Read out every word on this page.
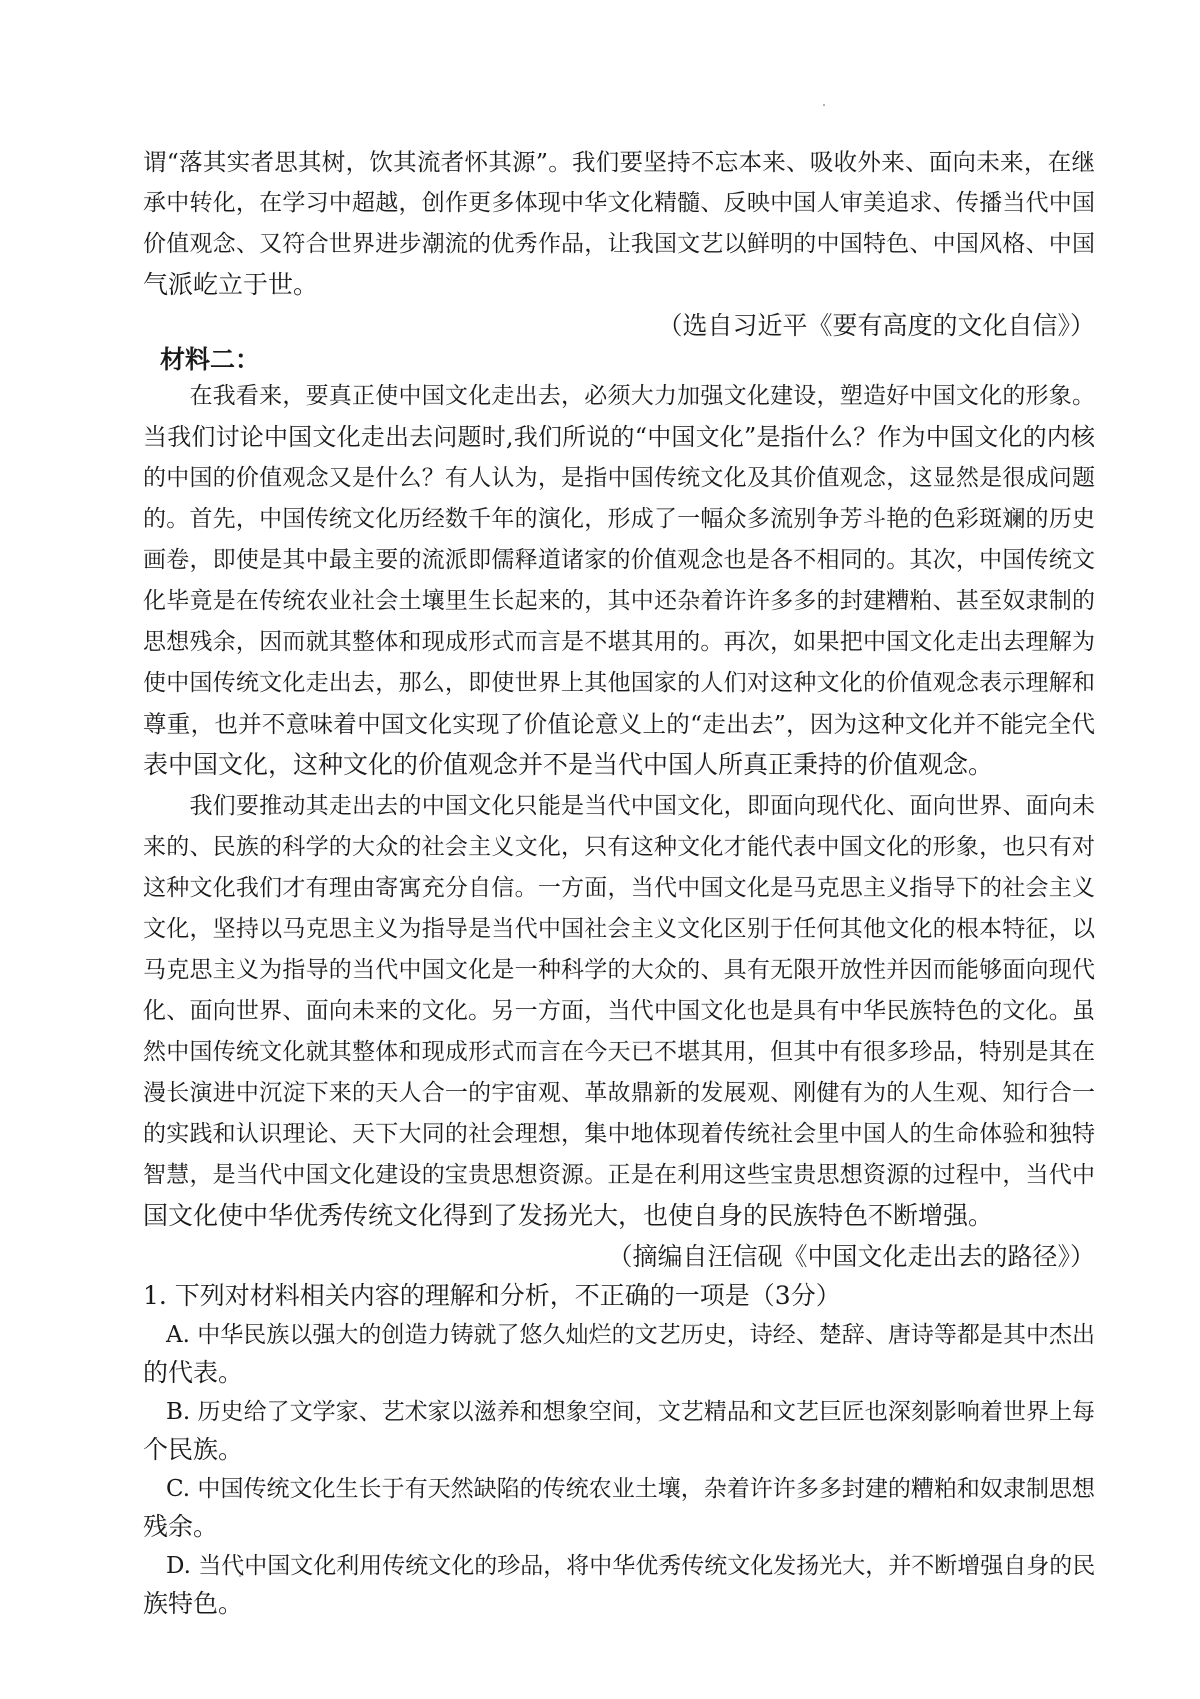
谓“落其实者思其树，饮其流者怀其源”。我们要坚持不忘本来、吸收外来、面向未来，在继
承中转化，在学习中超越，创作更多体现中华文化精髓、反映中国人审美追求、传播当代中国
价值观念、又符合世界进步潮流的优秀作品，让我国文艺以鲜明的中国特色、中国风格、中国
气派屹立于世。
（选自习近平《要有高度的文化自信》）
材料二：
　　在我看来，要真正使中国文化走出去，必须大力加强文化建设，塑造好中国文化的形象。
当我们讨论中国文化走出去问题时,我们所说的“中国文化”是指什么？作为中国文化的内核
的中国的价值观念又是什么？有人认为，是指中国传统文化及其价值观念，这显然是很成问题
的。首先，中国传统文化历经数千年的演化，形成了一幅众多流别争芳斗艳的色彩斑斓的历史
画卷，即使是其中最主要的流派即儒释道诸家的价值观念也是各不相同的。其次，中国传统文
化毕竟是在传统农业社会土壤里生长起来的，其中还杂着许许多多的封建糟粕、甚至奴隶制的
思想残余，因而就其整体和现成形式而言是不堪其用的。再次，如果把中国文化走出去理解为
使中国传统文化走出去，那么，即使世界上其他国家的人们对这种文化的价值观念表示理解和
尊重，也并不意味着中国文化实现了价值论意义上的“走出去”，因为这种文化并不能完全代
表中国文化，这种文化的价值观念并不是当代中国人所真正秉持的价值观念。
　　我们要推动其走出去的中国文化只能是当代中国文化，即面向现代化、面向世界、面向未
来的、民族的科学的大众的社会主义文化，只有这种文化才能代表中国文化的形象，也只有对
这种文化我们才有理由寄寓充分自信。一方面，当代中国文化是马克思主义指导下的社会主义
文化，坚持以马克思主义为指导是当代中国社会主义文化区别于任何其他文化的根本特征，以
马克思主义为指导的当代中国文化是一种科学的大众的、具有无限开放性并因而能够面向现代
化、面向世界、面向未来的文化。另一方面，当代中国文化也是具有中华民族特色的文化。虽
然中国传统文化就其整体和现成形式而言在今天已不堪其用，但其中有很多珍品，特别是其在
漫长演进中沉淀下来的天人合一的宇宙观、革故鼎新的发展观、刚健有为的人生观、知行合一
的实践和认识理论、天下大同的社会理想，集中地体现着传统社会里中国人的生命体验和独特
智慧，是当代中国文化建设的宝贵思想资源。正是在利用这些宝贵思想资源的过程中，当代中
国文化使中华优秀传统文化得到了发扬光大，也使自身的民族特色不断增强。
（摘编自汪信砚《中国文化走出去的路径》）
1. 下列对材料相关内容的理解和分析，不正确的一项是（3分）
　A. 中华民族以强大的创造力铸就了悠久灿烂的文艺历史，诗经、楚辞、唐诗等都是其中杰出
的代表。
　B. 历史给了文学家、艺术家以滋养和想象空间，文艺精品和文艺巨匠也深刻影响着世界上每
个民族。
　C. 中国传统文化生长于有天然缺陷的传统农业土壤，杂着许许多多封建的糟粕和奴隶制思想
残余。
　D. 当代中国文化利用传统文化的珍品，将中华优秀传统文化发扬光大，并不断增强自身的民
族特色。
